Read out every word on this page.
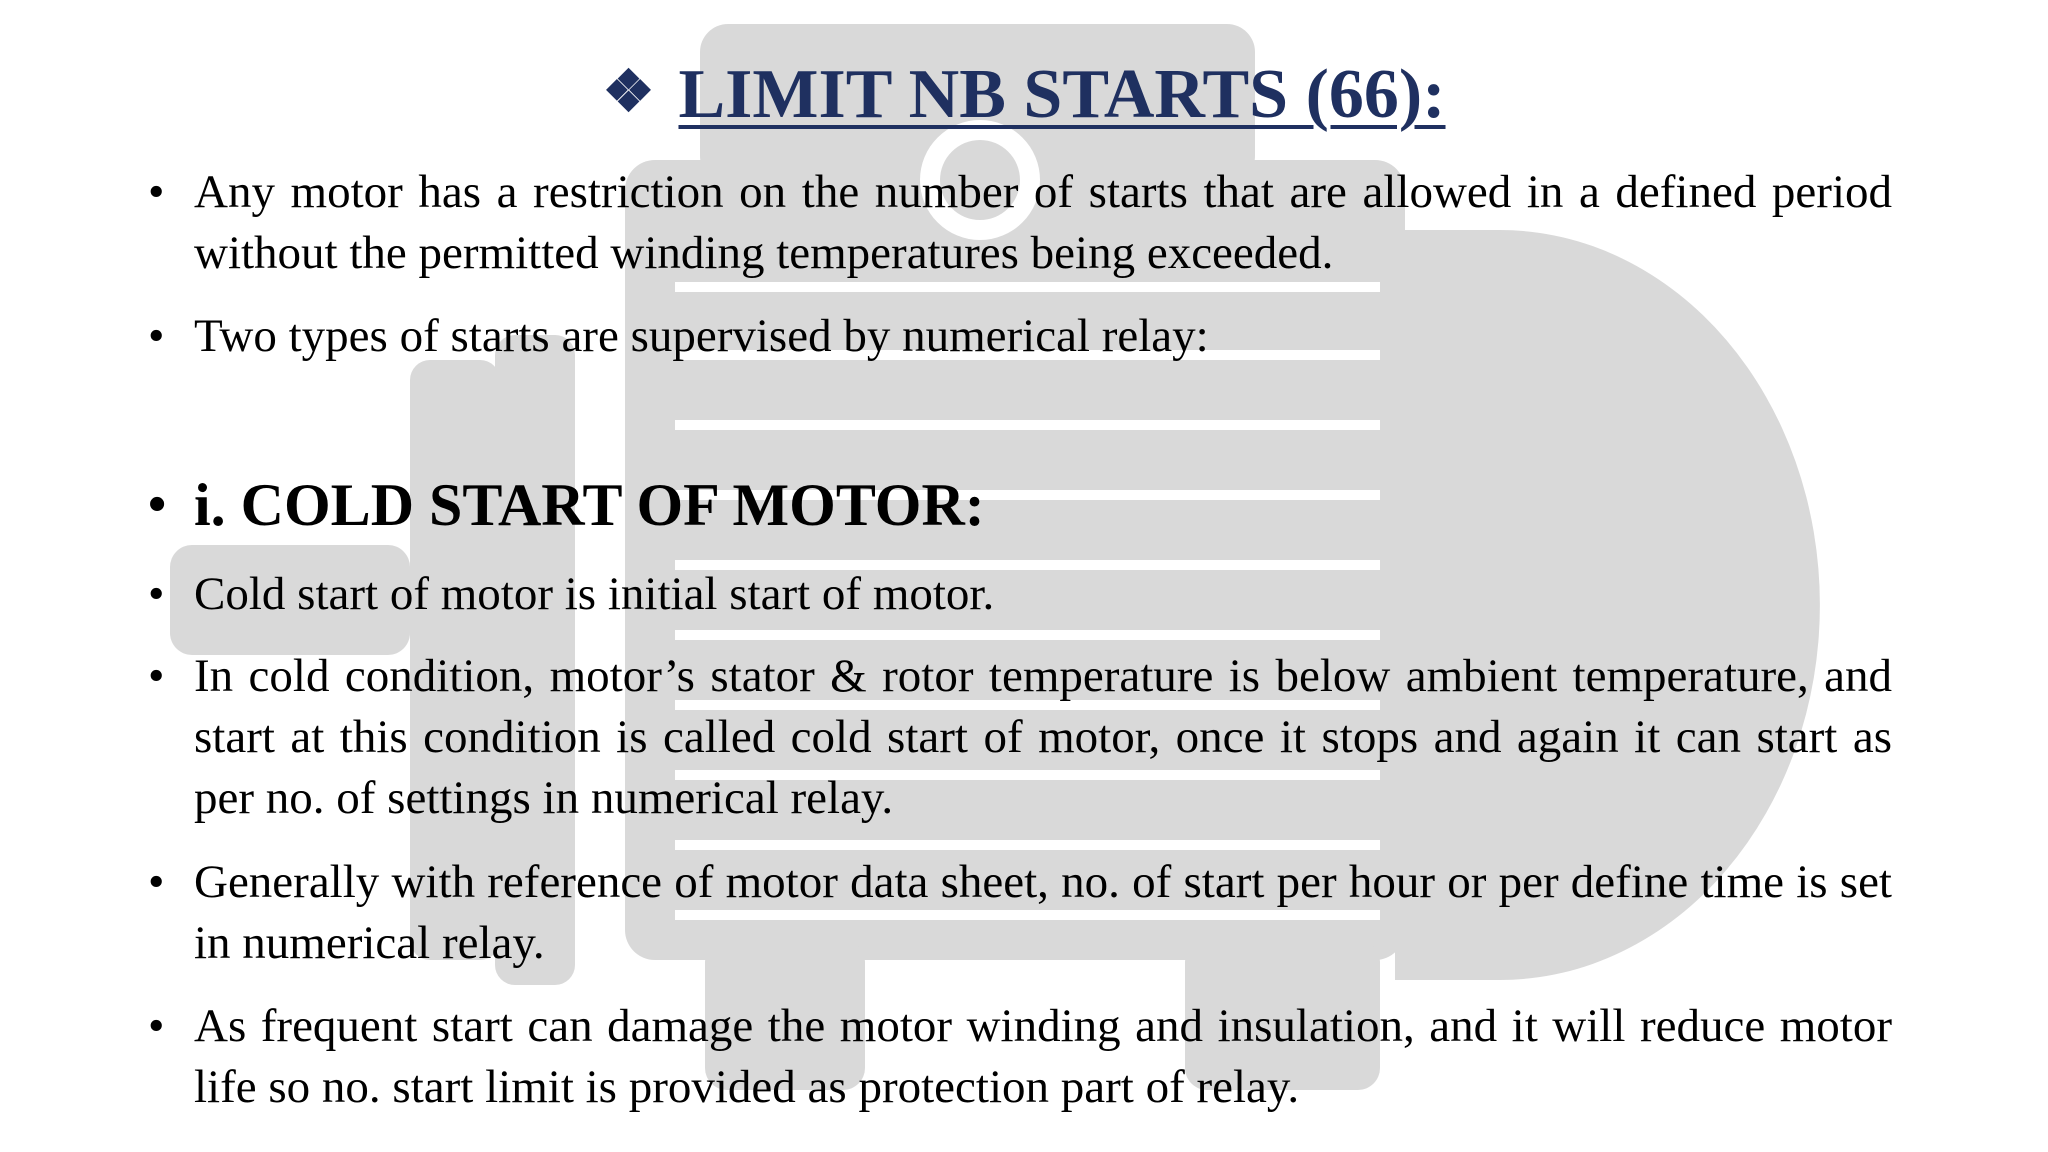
❖ LIMIT NB STARTS (66):
• Any motor has a restriction on the number of starts that are allowed in a defined period without the permitted winding temperatures being exceeded.
• Two types of starts are supervised by numerical relay:
• i. COLD START OF MOTOR:
• Cold start of motor is initial start of motor.
• In cold condition, motor’s stator & rotor temperature is below ambient temperature, and start at this condition is called cold start of motor, once it stops and again it can start as per no. of settings in numerical relay.
• Generally with reference of motor data sheet, no. of start per hour or per define time is set in numerical relay.
• As frequent start can damage the motor winding and insulation, and it will reduce motor life so no. start limit is provided as protection part of relay.
